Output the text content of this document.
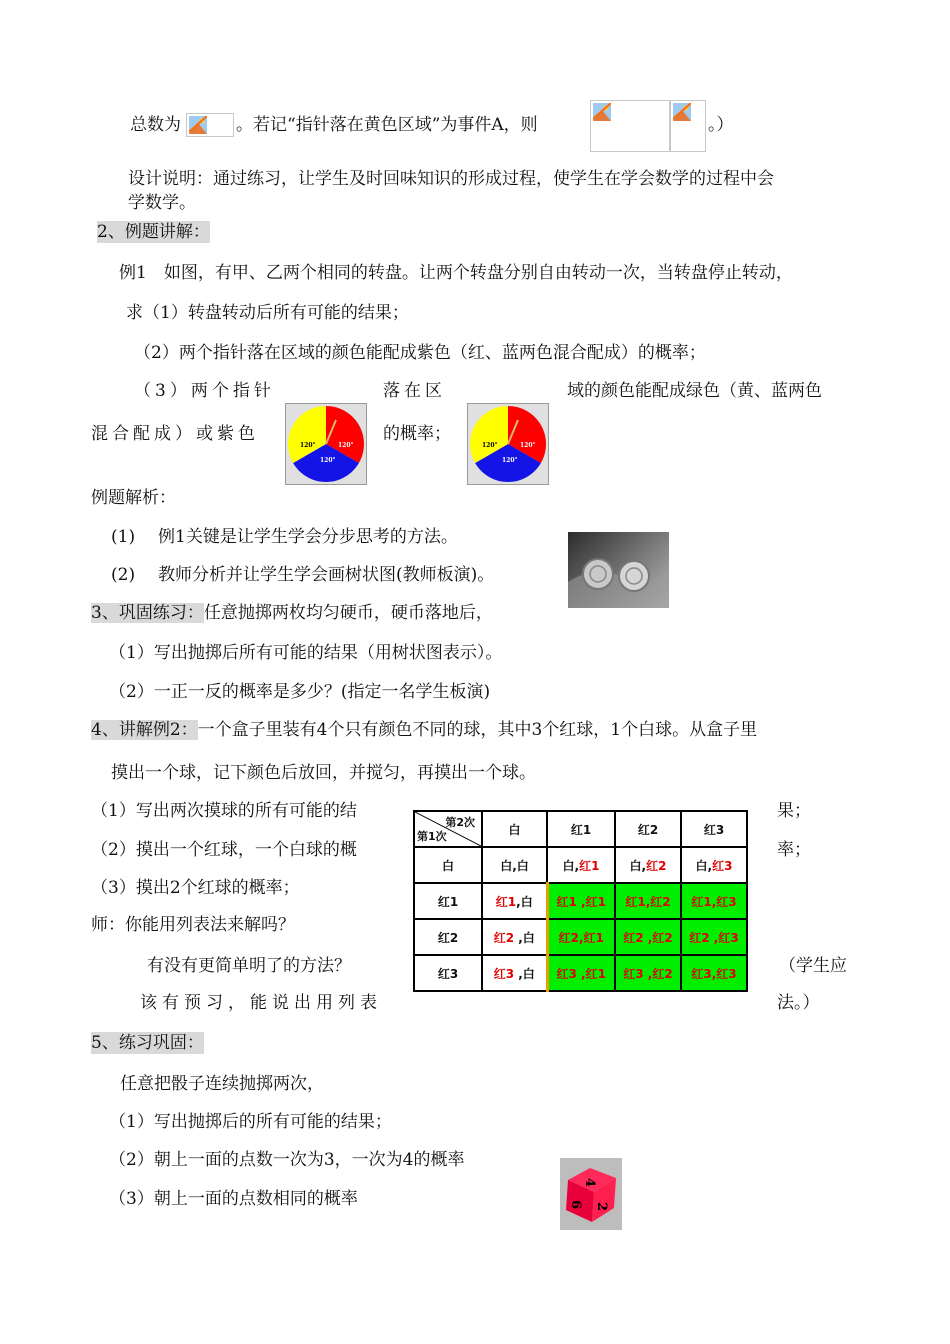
总数为	。若记“指针落在黄色区域”为事件A，则	。）
设计说明：通过练习，让学生及时回味知识的形成过程，使学生在学会数学的过程中会
学数学。
2、例题讲解：
例1　如图，有甲、乙两个相同的转盘。让两个转盘分别自由转动一次，当转盘停止转动，
求（1）转盘转动后所有可能的结果；
（2）两个指针落在区域的颜色能配成紫色（红、蓝两色混合配成）的概率；
（3）两个指针	落在区	域的颜色能配成绿色（黄、蓝两色
混合配成）或紫色	的概率；
120°	120°
120°
120°	120°
120°
例题解析：
(1) 例1关键是让学生学会分步思考的方法。
(2) 教师分析并让学生学会画树状图(教师板演)。
3、巩固练习：任意抛掷两枚均匀硬币，硬币落地后，
（1）写出抛掷后所有可能的结果（用树状图表示）。
（2）一正一反的概率是多少？(指定一名学生板演)
4、讲解例2：一个盒子里装有4个只有颜色不同的球，其中3个红球，1个白球。从盒子里
摸出一个球，记下颜色后放回，并搅匀，再摸出一个球。
（1）写出两次摸球的所有可能的结	果；
（2）摸出一个红球，一个白球的概	率；
（3）摸出2个红球的概率；
师：你能用列表法来解吗？
有没有更简单明了的方法？	（学生应
该有预习，能说出用列表	法。）
第2次
第1次	白	红1	红2	红3
白	白,白	白,红1	白,红2	白,红3
红1	红1,白	红1 ,红1	红1,红2	红1,红3
红2	红2 ,白	红2,红1	红2 ,红2	红2 ,红3
红3	红3 ,白	红3 ,红1	红3 ,红2	红3,红3
5、练习巩固：
任意把骰子连续抛掷两次，
（1）写出抛掷后的所有可能的结果；
（2）朝上一面的点数一次为3，一次为4的概率
（3）朝上一面的点数相同的概率
4
6 2
